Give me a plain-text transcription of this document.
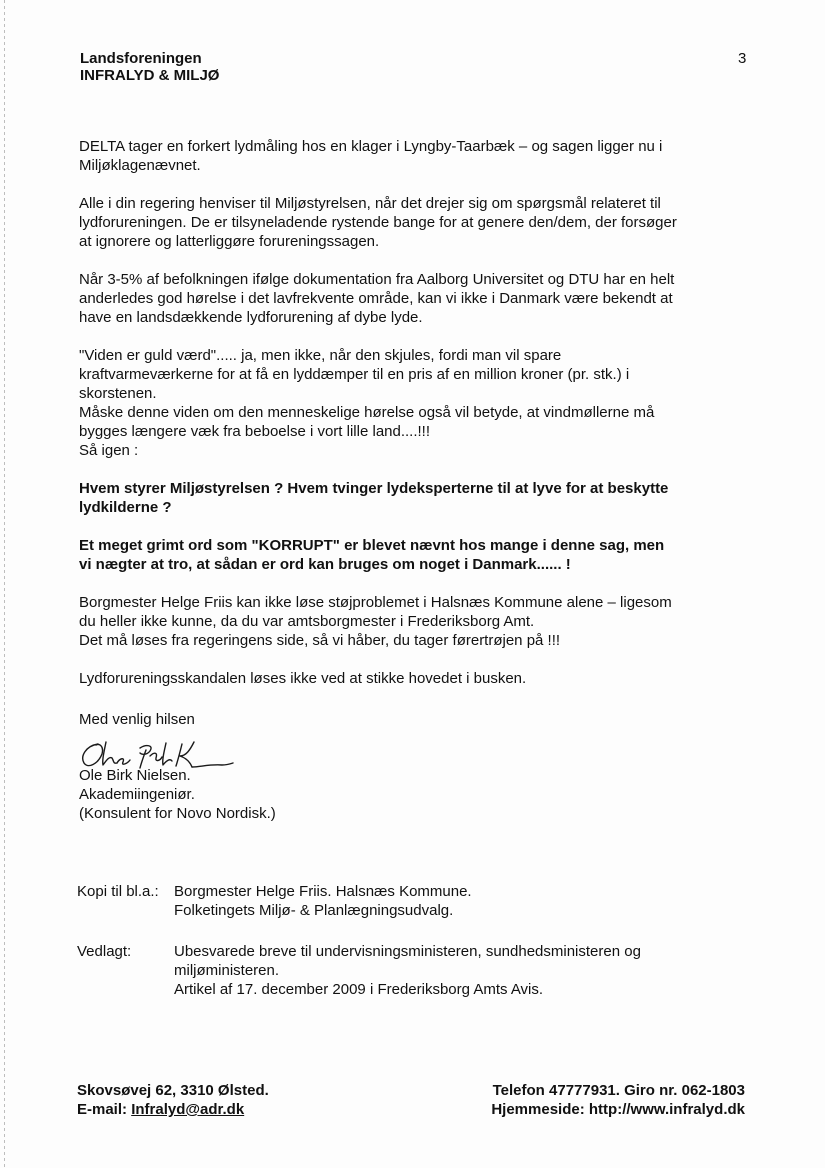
Landsforeningen
INFRALYD & MILJØ
3

DELTA tager en forkert lydmåling hos en klager i Lyngby-Taarbæk – og sagen ligger nu i
Miljøklagenævnet.

Alle i din regering henviser til Miljøstyrelsen, når det drejer sig om spørgsmål relateret til
lydforureningen. De er tilsyneladende rystende bange for at genere den/dem, der forsøger
at ignorere og latterliggøre forureningssagen.

Når 3-5% af befolkningen ifølge dokumentation fra Aalborg Universitet og DTU har en helt
anderledes god hørelse i det lavfrekvente område, kan vi ikke i Danmark være bekendt at
have en landsdækkende lydforurening af dybe lyde.

"Viden er guld værd"..... ja, men ikke, når den skjules, fordi man vil spare
kraftvarmeværkerne for at få en lyddæmper til en pris af en million kroner (pr. stk.) i
skorstenen.
Måske denne viden om den menneskelige hørelse også vil betyde, at vindmøllerne må
bygges længere væk fra beboelse i vort lille land....!!!
Så igen :

Hvem styrer Miljøstyrelsen ? Hvem tvinger lydeksperterne til at lyve for at beskytte
lydkilderne ?

Et meget grimt ord som "KORRUPT" er blevet nævnt hos mange i denne sag, men
vi nægter at tro, at sådan er ord kan bruges om noget i Danmark...... !

Borgmester Helge Friis kan ikke løse støjproblemet i Halsnæs Kommune alene – ligesom
du heller ikke kunne, da du var amtsborgmester i Frederiksborg Amt.
Det må løses fra regeringens side, så vi håber, du tager førertrøjen på !!!

Lydforureningsskandalen løses ikke ved at stikke hovedet i busken.

Med venlig hilsen
Ole Birk Nielsen.
Akademiingeniør.
(Konsulent for Novo Nordisk.)
Kopi til bl.a.:	Borgmester Helge Friis. Halsnæs Kommune.
Folketingets Miljø- & Planlægningsudvalg.
Vedlagt:	Ubesvarede breve til undervisningsministeren, sundhedsministeren og
miljøministeren.
Artikel af 17. december 2009 i Frederiksborg Amts Avis.
Skovsøvej 62, 3310 Ølsted.
E-mail: Infralyd@adr.dk
Telefon 47777931. Giro nr. 062-1803
Hjemmeside: http://www.infralyd.dk
